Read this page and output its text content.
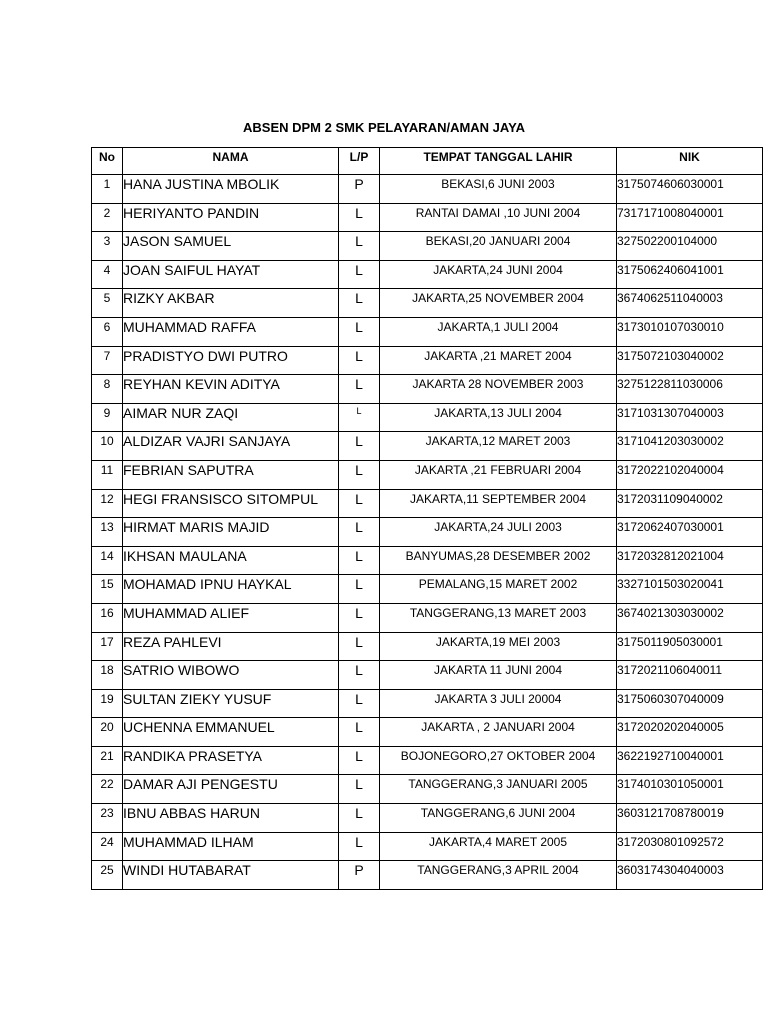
ABSEN DPM 2 SMK PELAYARAN/AMAN JAYA
No	NAMA	L/P	TEMPAT TANGGAL LAHIR	NIK
1	HANA JUSTINA MBOLIK	P	BEKASI,6 JUNI 2003	3175074606030001
2	HERIYANTO PANDIN	L	RANTAI DAMAI ,10 JUNI 2004	7317171008040001
3	JASON SAMUEL	L	BEKASI,20 JANUARI 2004	327502200104000
4	JOAN SAIFUL HAYAT	L	JAKARTA,24 JUNI 2004	3175062406041001
5	RIZKY AKBAR	L	JAKARTA,25 NOVEMBER 2004	3674062511040003
6	MUHAMMAD RAFFA	L	JAKARTA,1 JULI 2004	3173010107030010
7	PRADISTYO DWI PUTRO	L	JAKARTA ,21 MARET 2004	3175072103040002
8	REYHAN KEVIN ADITYA	L	JAKARTA 28 NOVEMBER 2003	3275122811030006
9	AIMAR NUR ZAQI	L	JAKARTA,13 JULI 2004	3171031307040003
10	ALDIZAR VAJRI SANJAYA	L	JAKARTA,12 MARET 2003	3171041203030002
11	FEBRIAN SAPUTRA	L	JAKARTA ,21 FEBRUARI 2004	3172022102040004
12	HEGI FRANSISCO SITOMPUL	L	JAKARTA,11 SEPTEMBER 2004	3172031109040002
13	HIRMAT MARIS MAJID	L	JAKARTA,24 JULI 2003	3172062407030001
14	IKHSAN MAULANA	L	BANYUMAS,28 DESEMBER 2002	3172032812021004
15	MOHAMAD IPNU HAYKAL	L	PEMALANG,15 MARET 2002	3327101503020041
16	MUHAMMAD ALIEF	L	TANGGERANG,13 MARET 2003	3674021303030002
17	REZA PAHLEVI	L	JAKARTA,19 MEI 2003	3175011905030001
18	SATRIO WIBOWO	L	JAKARTA 11 JUNI 2004	3172021106040011
19	SULTAN ZIEKY YUSUF	L	JAKARTA 3 JULI 20004	3175060307040009
20	UCHENNA EMMANUEL	L	JAKARTA , 2 JANUARI 2004	3172020202040005
21	RANDIKA PRASETYA	L	BOJONEGORO,27 OKTOBER 2004	3622192710040001
22	DAMAR AJI PENGESTU	L	TANGGERANG,3 JANUARI 2005	3174010301050001
23	IBNU ABBAS HARUN	L	TANGGERANG,6 JUNI 2004	3603121708780019
24	MUHAMMAD ILHAM	L	JAKARTA,4 MARET 2005	3172030801092572
25	WINDI HUTABARAT	P	TANGGERANG,3 APRIL 2004	3603174304040003
